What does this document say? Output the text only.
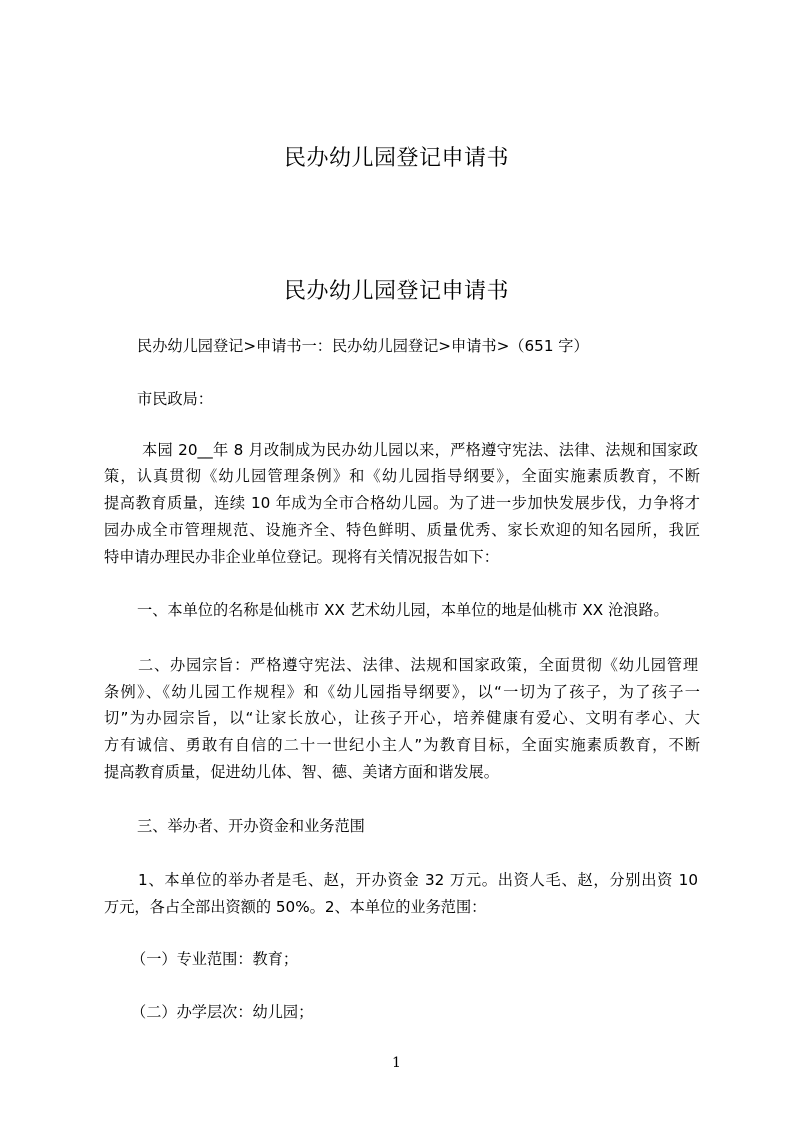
民办幼儿园登记申请书
民办幼儿园登记申请书
民办幼儿园登记>申请书一：民办幼儿园登记>申请书>（651 字）
市民政局：
本园 20__年 8 月改制成为民办幼儿园以来，严格遵守宪法、法律、法规和国家政
策，认真贯彻《幼儿园管理条例》和《幼儿园指导纲要》，全面实施素质教育，不断
提高教育质量，连续 10 年成为全市合格幼儿园。为了进一步加快发展步伐，力争将才
园办成全市管理规范、设施齐全、特色鲜明、质量优秀、家长欢迎的知名园所，我匠
特申请办理民办非企业单位登记。现将有关情况报告如下：
一、本单位的名称是仙桃市 XX 艺术幼儿园，本单位的地是仙桃市 XX 沧浪路。
二、办园宗旨：严格遵守宪法、法律、法规和国家政策，全面贯彻《幼儿园管理
条例》、《幼儿园工作规程》和《幼儿园指导纲要》，以“一切为了孩子，为了孩子一
切”为办园宗旨，以“让家长放心，让孩子开心，培养健康有爱心、文明有孝心、大
方有诚信、勇敢有自信的二十一世纪小主人”为教育目标，全面实施素质教育，不断
提高教育质量，促进幼儿体、智、德、美诸方面和谐发展。
三、举办者、开办资金和业务范围
1、本单位的举办者是毛、赵，开办资金 32 万元。出资人毛、赵，分别出资 10
万元，各占全部出资额的 50%。2、本单位的业务范围：
（一）专业范围：教育；
（二）办学层次：幼儿园；
1
